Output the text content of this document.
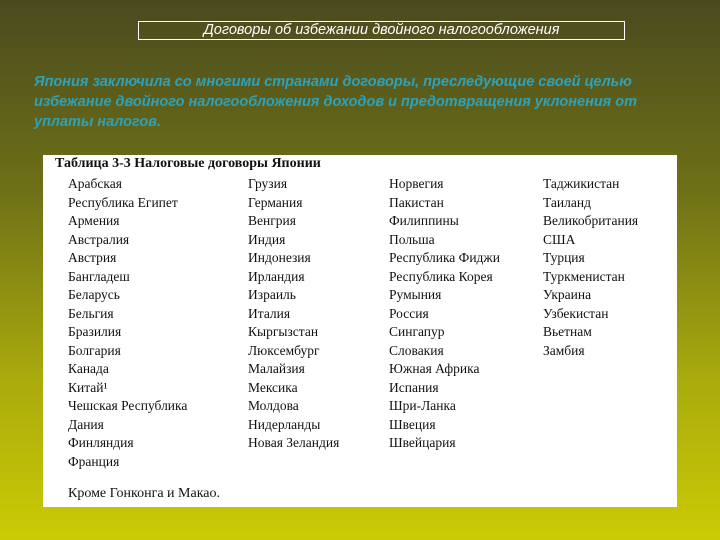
Договоры об избежании двойного налогообложения
Япония заключила со многими странами договоры, преследующие своей целью избежание двойного налогообложения доходов и предотвращения уклонения от уплаты налогов.
Таблица 3-3 Налоговые договоры Японии
Арабская
Республика Египет
Армения
Австралия
Австрия
Бангладеш
Беларусь
Бельгия
Бразилия
Болгария
Канада
Китай¹
Чешская Республика
Дания
Финляндия
Франция
Грузия
Германия
Венгрия
Индия
Индонезия
Ирландия
Израиль
Италия
Кыргызстан
Люксембург
Малайзия
Мексика
Молдова
Нидерланды
Новая Зеландия
Норвегия
Пакистан
Филиппины
Польша
Республика Фиджи
Республика Корея
Румыния
Россия
Сингапур
Словакия
Южная Африка
Испания
Шри-Ланка
Швеция
Швейцария
Таджикистан
Таиланд
Великобритания
США
Турция
Туркменистан
Украина
Узбекистан
Вьетнам
Замбия
Кроме Гонконга и Макао.
